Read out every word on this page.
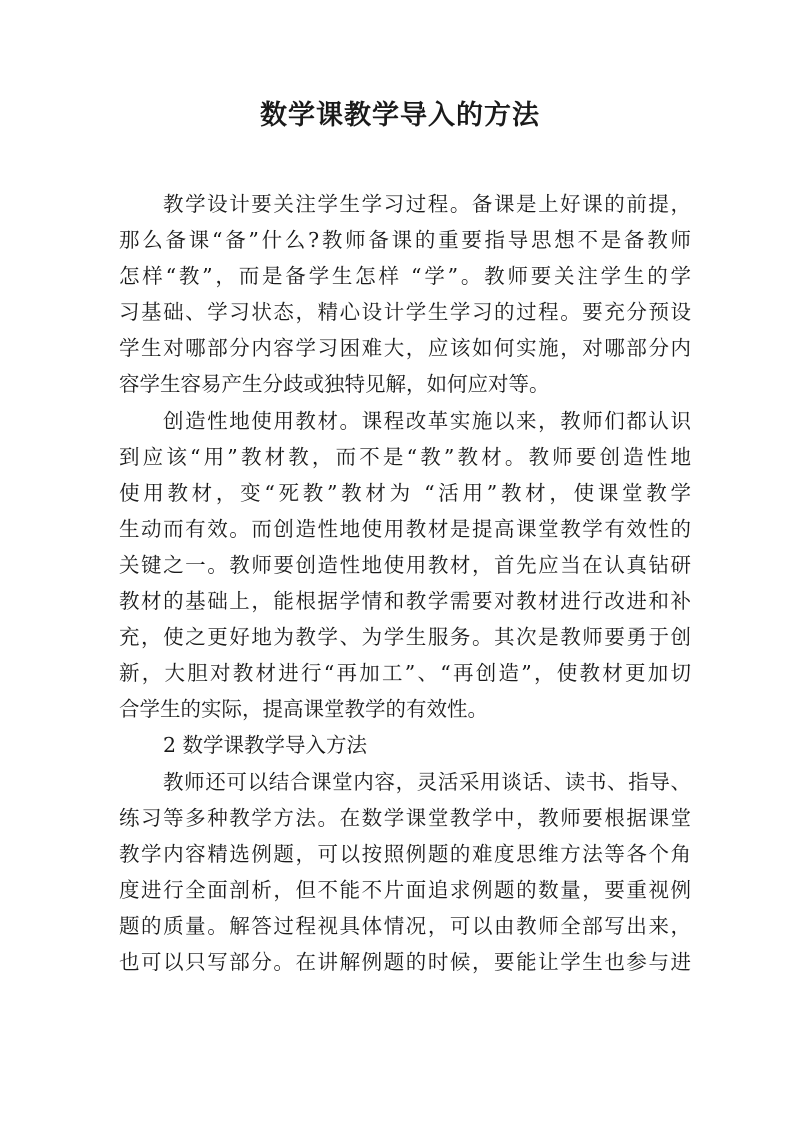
数学课教学导入的方法
教学设计要关注学生学习过程。备课是上好课的前提，
那么备课“备”什么?教师备课的重要指导思想不是备教师
怎样“教”，而是备学生怎样 “学”。教师要关注学生的学
习基础、学习状态，精心设计学生学习的过程。要充分预设
学生对哪部分内容学习困难大，应该如何实施，对哪部分内
容学生容易产生分歧或独特见解，如何应对等。
创造性地使用教材。课程改革实施以来，教师们都认识
到应该“用”教材教，而不是“教”教材。教师要创造性地
使用教材，变“死教”教材为 “活用”教材，使课堂教学
生动而有效。而创造性地使用教材是提高课堂教学有效性的
关键之一。教师要创造性地使用教材，首先应当在认真钻研
教材的基础上，能根据学情和教学需要对教材进行改进和补
充，使之更好地为教学、为学生服务。其次是教师要勇于创
新，大胆对教材进行“再加工”、“再创造”，使教材更加切
合学生的实际，提高课堂教学的有效性。
2 数学课教学导入方法
教师还可以结合课堂内容，灵活采用谈话、读书、指导、
练习等多种教学方法。在数学课堂教学中，教师要根据课堂
教学内容精选例题，可以按照例题的难度思维方法等各个角
度进行全面剖析，但不能不片面追求例题的数量，要重视例
题的质量。解答过程视具体情况，可以由教师全部写出来，
也可以只写部分。在讲解例题的时候，要能让学生也参与进
